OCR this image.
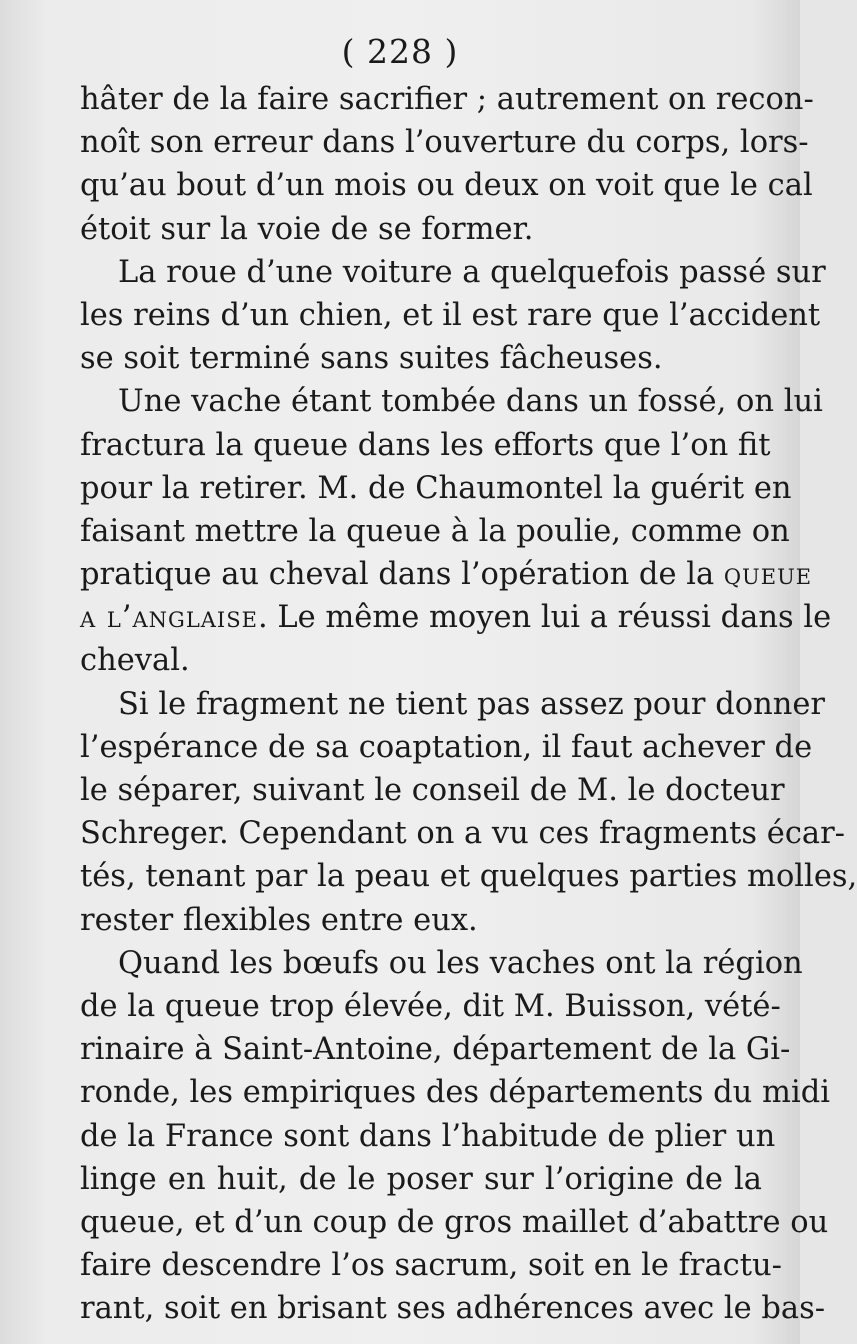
( 228 )
hâter de la faire sacrifier ; autrement on recon-
noît son erreur dans l’ouverture du corps, lors-
qu’au bout d’un mois ou deux on voit que le cal
étoit sur la voie de se former.
La roue d’une voiture a quelquefois passé sur
les reins d’un chien, et il est rare que l’accident
se soit terminé sans suites fâcheuses.
Une vache étant tombée dans un fossé, on lui
fractura la queue dans les efforts que l’on fit
pour la retirer. M. de Chaumontel la guérit en
faisant mettre la queue à la poulie, comme on
pratique au cheval dans l’opération de la queue
a l’anglaise. Le même moyen lui a réussi dans le
cheval.
Si le fragment ne tient pas assez pour donner
l’espérance de sa coaptation, il faut achever de
le séparer, suivant le conseil de M. le docteur
Schreger. Cependant on a vu ces fragments écar-
tés, tenant par la peau et quelques parties molles,
rester flexibles entre eux.
Quand les bœufs ou les vaches ont la région
de la queue trop élevée, dit M. Buisson, vété-
rinaire à Saint-Antoine, département de la Gi-
ronde, les empiriques des départements du midi
de la France sont dans l’habitude de plier un
linge en huit, de le poser sur l’origine de la
queue, et d’un coup de gros maillet d’abattre ou
faire descendre l’os sacrum, soit en le fractu-
rant, soit en brisant ses adhérences avec le bas-
